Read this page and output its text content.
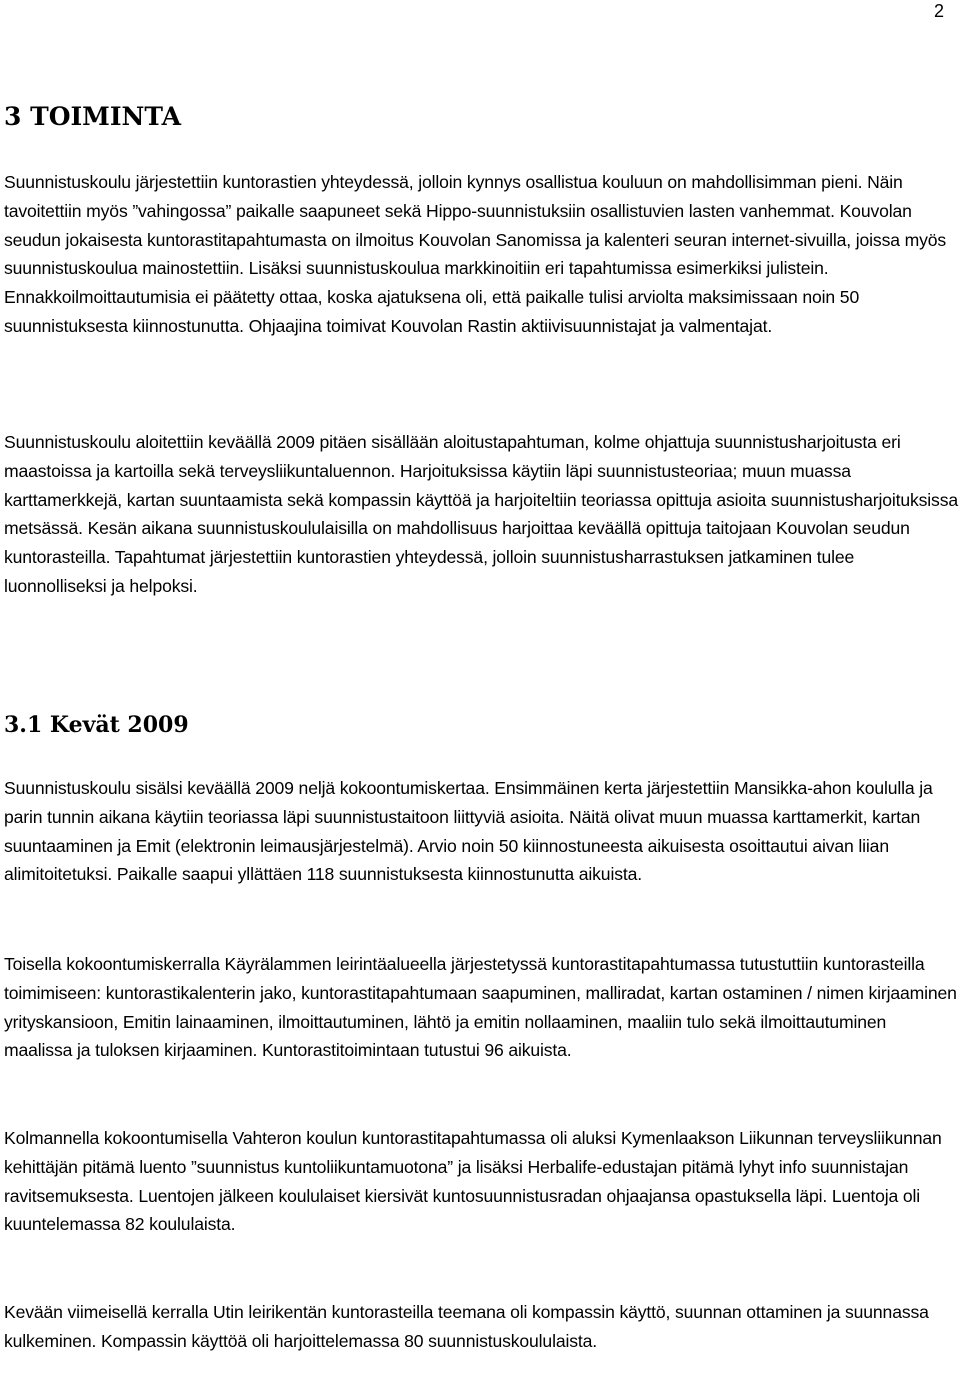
2
3 TOIMINTA

Suunnistuskoulu järjestettiin kuntorastien yhteydessä, jolloin kynnys osallistua kouluun on mahdollisimman pieni. Näin tavoitettiin myös ”vahingossa” paikalle saapuneet sekä Hippo-suunnistuksiin osallistuvien lasten vanhemmat. Kouvolan seudun jokaisesta kuntorastitapahtumasta on ilmoitus Kouvolan Sanomissa ja kalenteri seuran internet-sivuilla, joissa myös suunnistuskoulua mainostettiin. Lisäksi suunnistuskoulua markkinoitiin eri tapahtumissa esimerkiksi julistein. Ennakkoilmoittautumisia ei päätetty ottaa, koska ajatuksena oli, että paikalle tulisi arviolta maksimissaan noin 50 suunnistuksesta kiinnostunutta. Ohjaajina toimivat Kouvolan Rastin aktiivisuunnistajat ja valmentajat.

Suunnistuskoulu aloitettiin keväällä 2009 pitäen sisällään aloitustapahtuman, kolme ohjattuja suunnistusharjoitusta eri maastoissa ja kartoilla sekä terveysliikuntaluennon. Harjoituksissa käytiin läpi suunnistusteoriaa; muun muassa karttamerkkejä, kartan suuntaamista sekä kompassin käyttöä ja harjoiteltiin teoriassa opittuja asioita suunnistusharjoituksissa metsässä. Kesän aikana suunnistuskoululaisilla on mahdollisuus harjoittaa keväällä opittuja taitojaan Kouvolan seudun kuntorasteilla. Tapahtumat järjestettiin kuntorastien yhteydessä, jolloin suunnistusharrastuksen jatkaminen tulee luonnolliseksi ja helpoksi.

3.1 Kevät 2009

Suunnistuskoulu sisälsi keväällä 2009 neljä kokoontumiskertaa. Ensimmäinen kerta järjestettiin Mansikka-ahon koululla ja parin tunnin aikana käytiin teoriassa läpi suunnistustaitoon liittyviä asioita. Näitä olivat muun muassa karttamerkit, kartan suuntaaminen ja Emit (elektronin leimausjärjestelmä). Arvio noin 50 kiinnostuneesta aikuisesta osoittautui aivan liian alimitoitetuksi. Paikalle saapui yllättäen 118 suunnistuksesta kiinnostunutta aikuista.

Toisella kokoontumiskerralla Käyrälammen leirintäalueella järjestetyssä kuntorastitapahtumassa tutustuttiin kuntorasteilla toimimiseen: kuntorastikalenterin jako, kuntorastitapahtumaan saapuminen, malliradat, kartan ostaminen / nimen kirjaaminen yrityskansioon, Emitin lainaaminen, ilmoittautuminen, lähtö ja emitin nollaaminen, maaliin tulo sekä ilmoittautuminen maalissa ja tuloksen kirjaaminen. Kuntorastitoimintaan tutustui 96 aikuista.

Kolmannella kokoontumisella Vahteron koulun kuntorastitapahtumassa oli aluksi Kymenlaakson Liikunnan terveysliikunnan kehittäjän pitämä luento ”suunnistus kuntoliikuntamuotona” ja lisäksi Herbalife-edustajan pitämä lyhyt info suunnistajan ravitsemuksesta. Luentojen jälkeen koululaiset kiersivät kuntosuunnistusradan ohjaajansa opastuksella läpi. Luentoja oli kuuntelemassa 82 koululaista.

Kevään viimeisellä kerralla Utin leirikentän kuntorasteilla teemana oli kompassin käyttö, suunnan ottaminen ja suunnassa kulkeminen. Kompassin käyttöä oli harjoittelemassa 80 suunnistuskoululaista.
